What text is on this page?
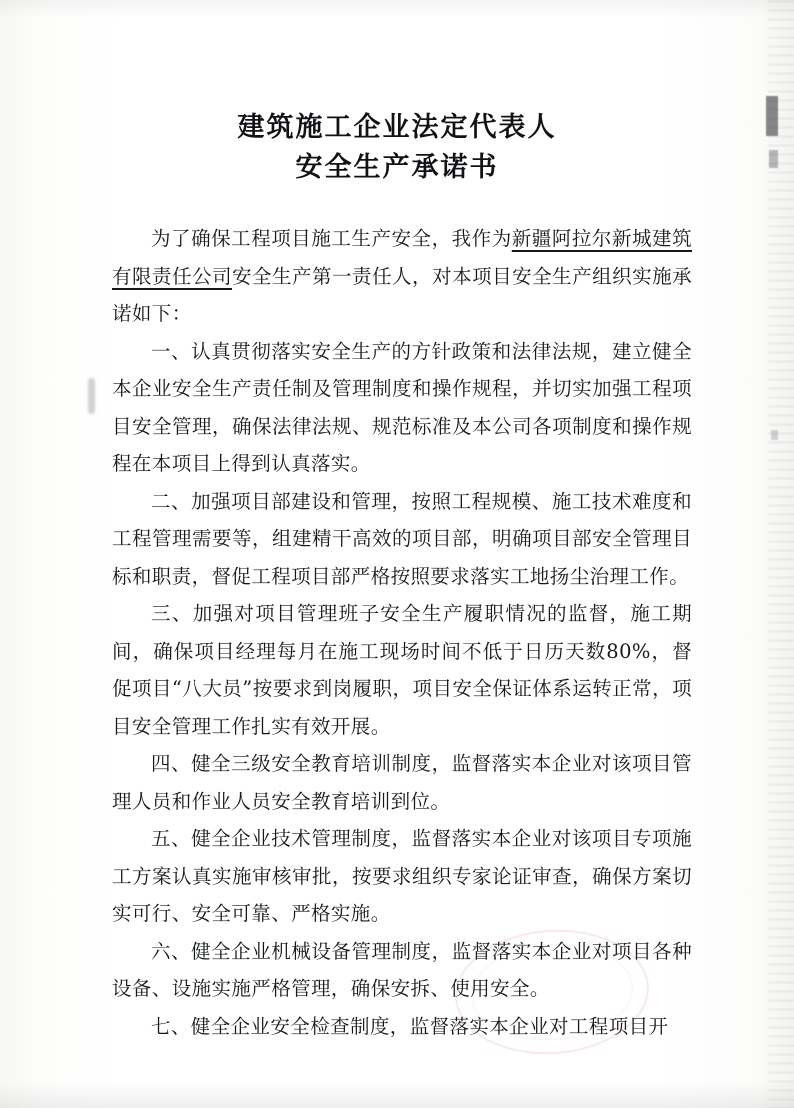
建筑施工企业法定代表人
安全生产承诺书

为了确保工程项目施工生产安全，我作为新疆阿拉尔新城建筑有限责任公司安全生产第一责任人，对本项目安全生产组织实施承诺如下：

一、认真贯彻落实安全生产的方针政策和法律法规，建立健全本企业安全生产责任制及管理制度和操作规程，并切实加强工程项目安全管理，确保法律法规、规范标准及本公司各项制度和操作规程在本项目上得到认真落实。

二、加强项目部建设和管理，按照工程规模、施工技术难度和工程管理需要等，组建精干高效的项目部，明确项目部安全管理目标和职责，督促工程项目部严格按照要求落实工地扬尘治理工作。

三、加强对项目管理班子安全生产履职情况的监督，施工期间，确保项目经理每月在施工现场时间不低于日历天数80%，督促项目“八大员”按要求到岗履职，项目安全保证体系运转正常，项目安全管理工作扎实有效开展。

四、健全三级安全教育培训制度，监督落实本企业对该项目管理人员和作业人员安全教育培训到位。

五、健全企业技术管理制度，监督落实本企业对该项目专项施工方案认真实施审核审批，按要求组织专家论证审查，确保方案切实可行、安全可靠、严格实施。

六、健全企业机械设备管理制度，监督落实本企业对项目各种设备、设施实施严格管理，确保安拆、使用安全。

七、健全企业安全检查制度，监督落实本企业对工程项目开
